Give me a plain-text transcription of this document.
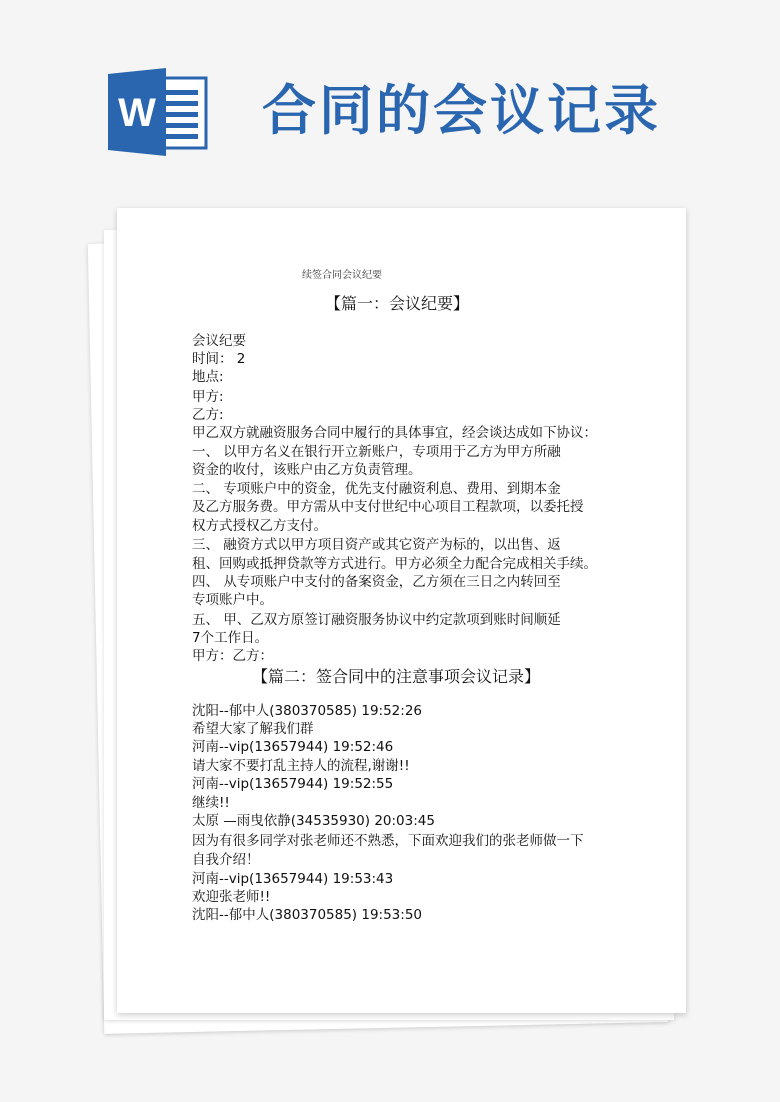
W 合同的会议记录
续签合同会议纪要
【篇一：会议纪要】
会议纪要
时间： 2
地点:
甲方:
乙方:
甲乙双方就融资服务合同中履行的具体事宜，经会谈达成如下协议：
一、 以甲方名义在银行开立新账户，专项用于乙方为甲方所融
资金的收付，该账户由乙方负责管理。
二、 专项账户中的资金，优先支付融资利息、费用、到期本金
及乙方服务费。甲方需从中支付世纪中心项目工程款项，以委托授
权方式授权乙方支付。
三、 融资方式以甲方项目资产或其它资产为标的，以出售、返
租、回购或抵押贷款等方式进行。甲方必须全力配合完成相关手续。
四、 从专项账户中支付的备案资金，乙方须在三日之内转回至
专项账户中。
五、 甲、乙双方原签订融资服务协议中约定款项到账时间顺延
7个工作日。
甲方：乙方：
【篇二：签合同中的注意事项会议记录】
沈阳--郁中人(380370585) 19:52:26
希望大家了解我们群
河南--vip(13657944) 19:52:46
请大家不要打乱主持人的流程,谢谢!!
河南--vip(13657944) 19:52:55
继续!!
太原 —雨曳依静(34535930) 20:03:45
因为有很多同学对张老师还不熟悉，下面欢迎我们的张老师做一下
自我介绍！
河南--vip(13657944) 19:53:43
欢迎张老师!!
沈阳--郁中人(380370585) 19:53:50
